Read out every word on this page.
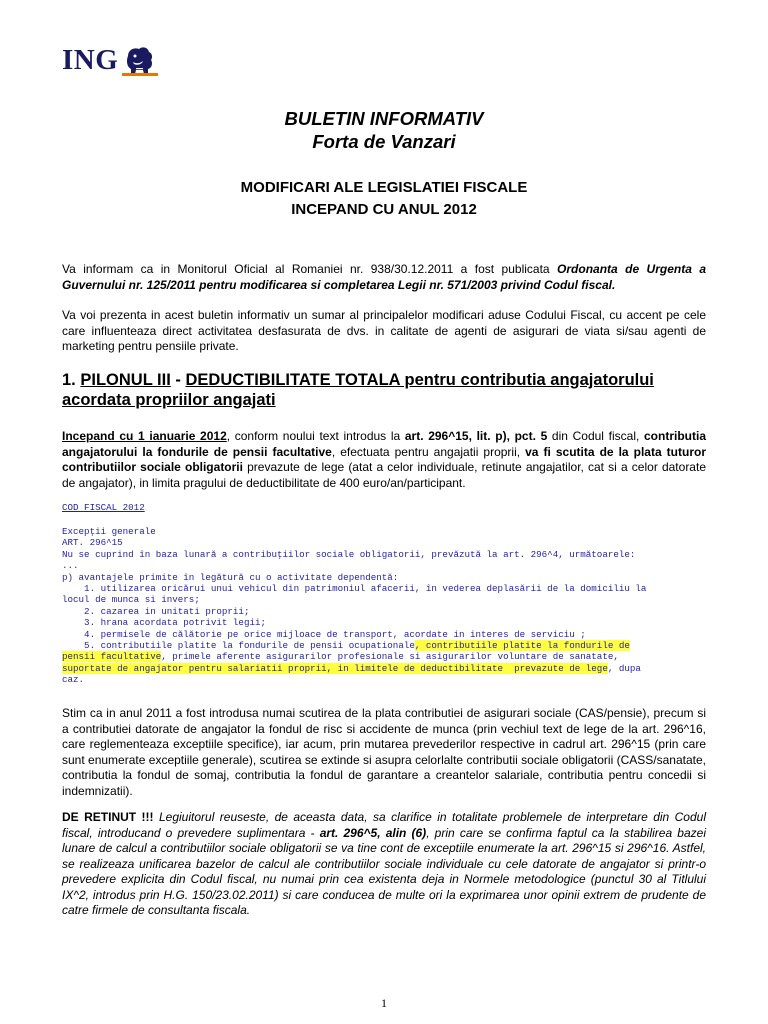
ING
BULETIN INFORMATIV
Forta de Vanzari
MODIFICARI ALE LEGISLATIEI FISCALE
INCEPAND CU ANUL 2012
Va informam ca in Monitorul Oficial al Romaniei nr. 938/30.12.2011 a fost publicata Ordonanta de Urgenta a Guvernului nr. 125/2011 pentru modificarea si completarea Legii nr. 571/2003 privind Codul fiscal.
Va voi prezenta in acest buletin informativ un sumar al principalelor modificari aduse Codului Fiscal, cu accent pe cele care influenteaza direct activitatea desfasurata de dvs. in calitate de agenti de asigurari de viata si/sau agenti de marketing pentru pensiile private.
1. PILONUL III - DEDUCTIBILITATE TOTALA pentru contributia angajatorului acordata propriilor angajati
Incepand cu 1 ianuarie 2012, conform noului text introdus la art. 296^15, lit. p), pct. 5 din Codul fiscal, contributia angajatorului la fondurile de pensii facultative, efectuata pentru angajatii proprii, va fi scutita de la plata tuturor contributiilor sociale obligatorii prevazute de lege (atat a celor individuale, retinute angajatilor, cat si a celor datorate de angajator), in limita pragului de deductibilitate de 400 euro/an/participant.
COD FISCAL 2012
Excepţii generale
ART. 296^15
Nu se cuprind în baza lunară a contribuţiilor sociale obligatorii, prevăzută la art. 296^4, următoarele:
...
p) avantajele primite în legătură cu o activitate dependentă:
1. utilizarea oricărui unui vehicul din patrimoniul afacerii, în vederea deplasării de la domiciliu la
locul de munca si invers;
2. cazarea in unitati proprii;
3. hrana acordata potrivit legii;
4. permisele de călătorie pe orice mijloace de transport, acordate in interes de serviciu ;
5. contributiile platite la fondurile de pensii ocupationale, contributiile platite la fondurile de
pensii facultative, primele aferente asigurarilor profesionale si asigurarilor voluntare de sanatate,
suportate de angajator pentru salariatii proprii, in limitele de deductibilitate  prevazute de lege, dupa
caz.
Stim ca in anul 2011 a fost introdusa numai scutirea de la plata contributiei de asigurari sociale (CAS/pensie), precum si a contributiei datorate de angajator la fondul de risc si accidente de munca (prin vechiul text de lege de la art. 296^16, care reglementeaza exceptiile specifice), iar acum, prin mutarea prevederilor respective in cadrul art. 296^15 (prin care sunt enumerate exceptiile generale), scutirea se extinde si asupra celorlalte contributii sociale obligatorii (CASS/sanatate, contributia la fondul de somaj, contributia la fondul de garantare a creantelor salariale, contributia pentru concedii si indemnizatii).
DE RETINUT !!! Legiuitorul reuseste, de aceasta data, sa clarifice in totalitate problemele de interpretare din Codul fiscal, introducand o prevedere suplimentara - art. 296^5, alin (6), prin care se confirma faptul ca la stabilirea bazei lunare de calcul a contributiilor sociale obligatorii se va tine cont de exceptiile enumerate la art. 296^15 si 296^16. Astfel, se realizeaza unificarea bazelor de calcul ale contributiilor sociale individuale cu cele datorate de angajator si printr-o prevedere explicita din Codul fiscal, nu numai prin cea existenta deja in Normele metodologice (punctul 30 al Titlului IX^2, introdus prin H.G. 150/23.02.2011) si care conducea de multe ori la exprimarea unor opinii extrem de prudente de catre firmele de consultanta fiscala.
1
